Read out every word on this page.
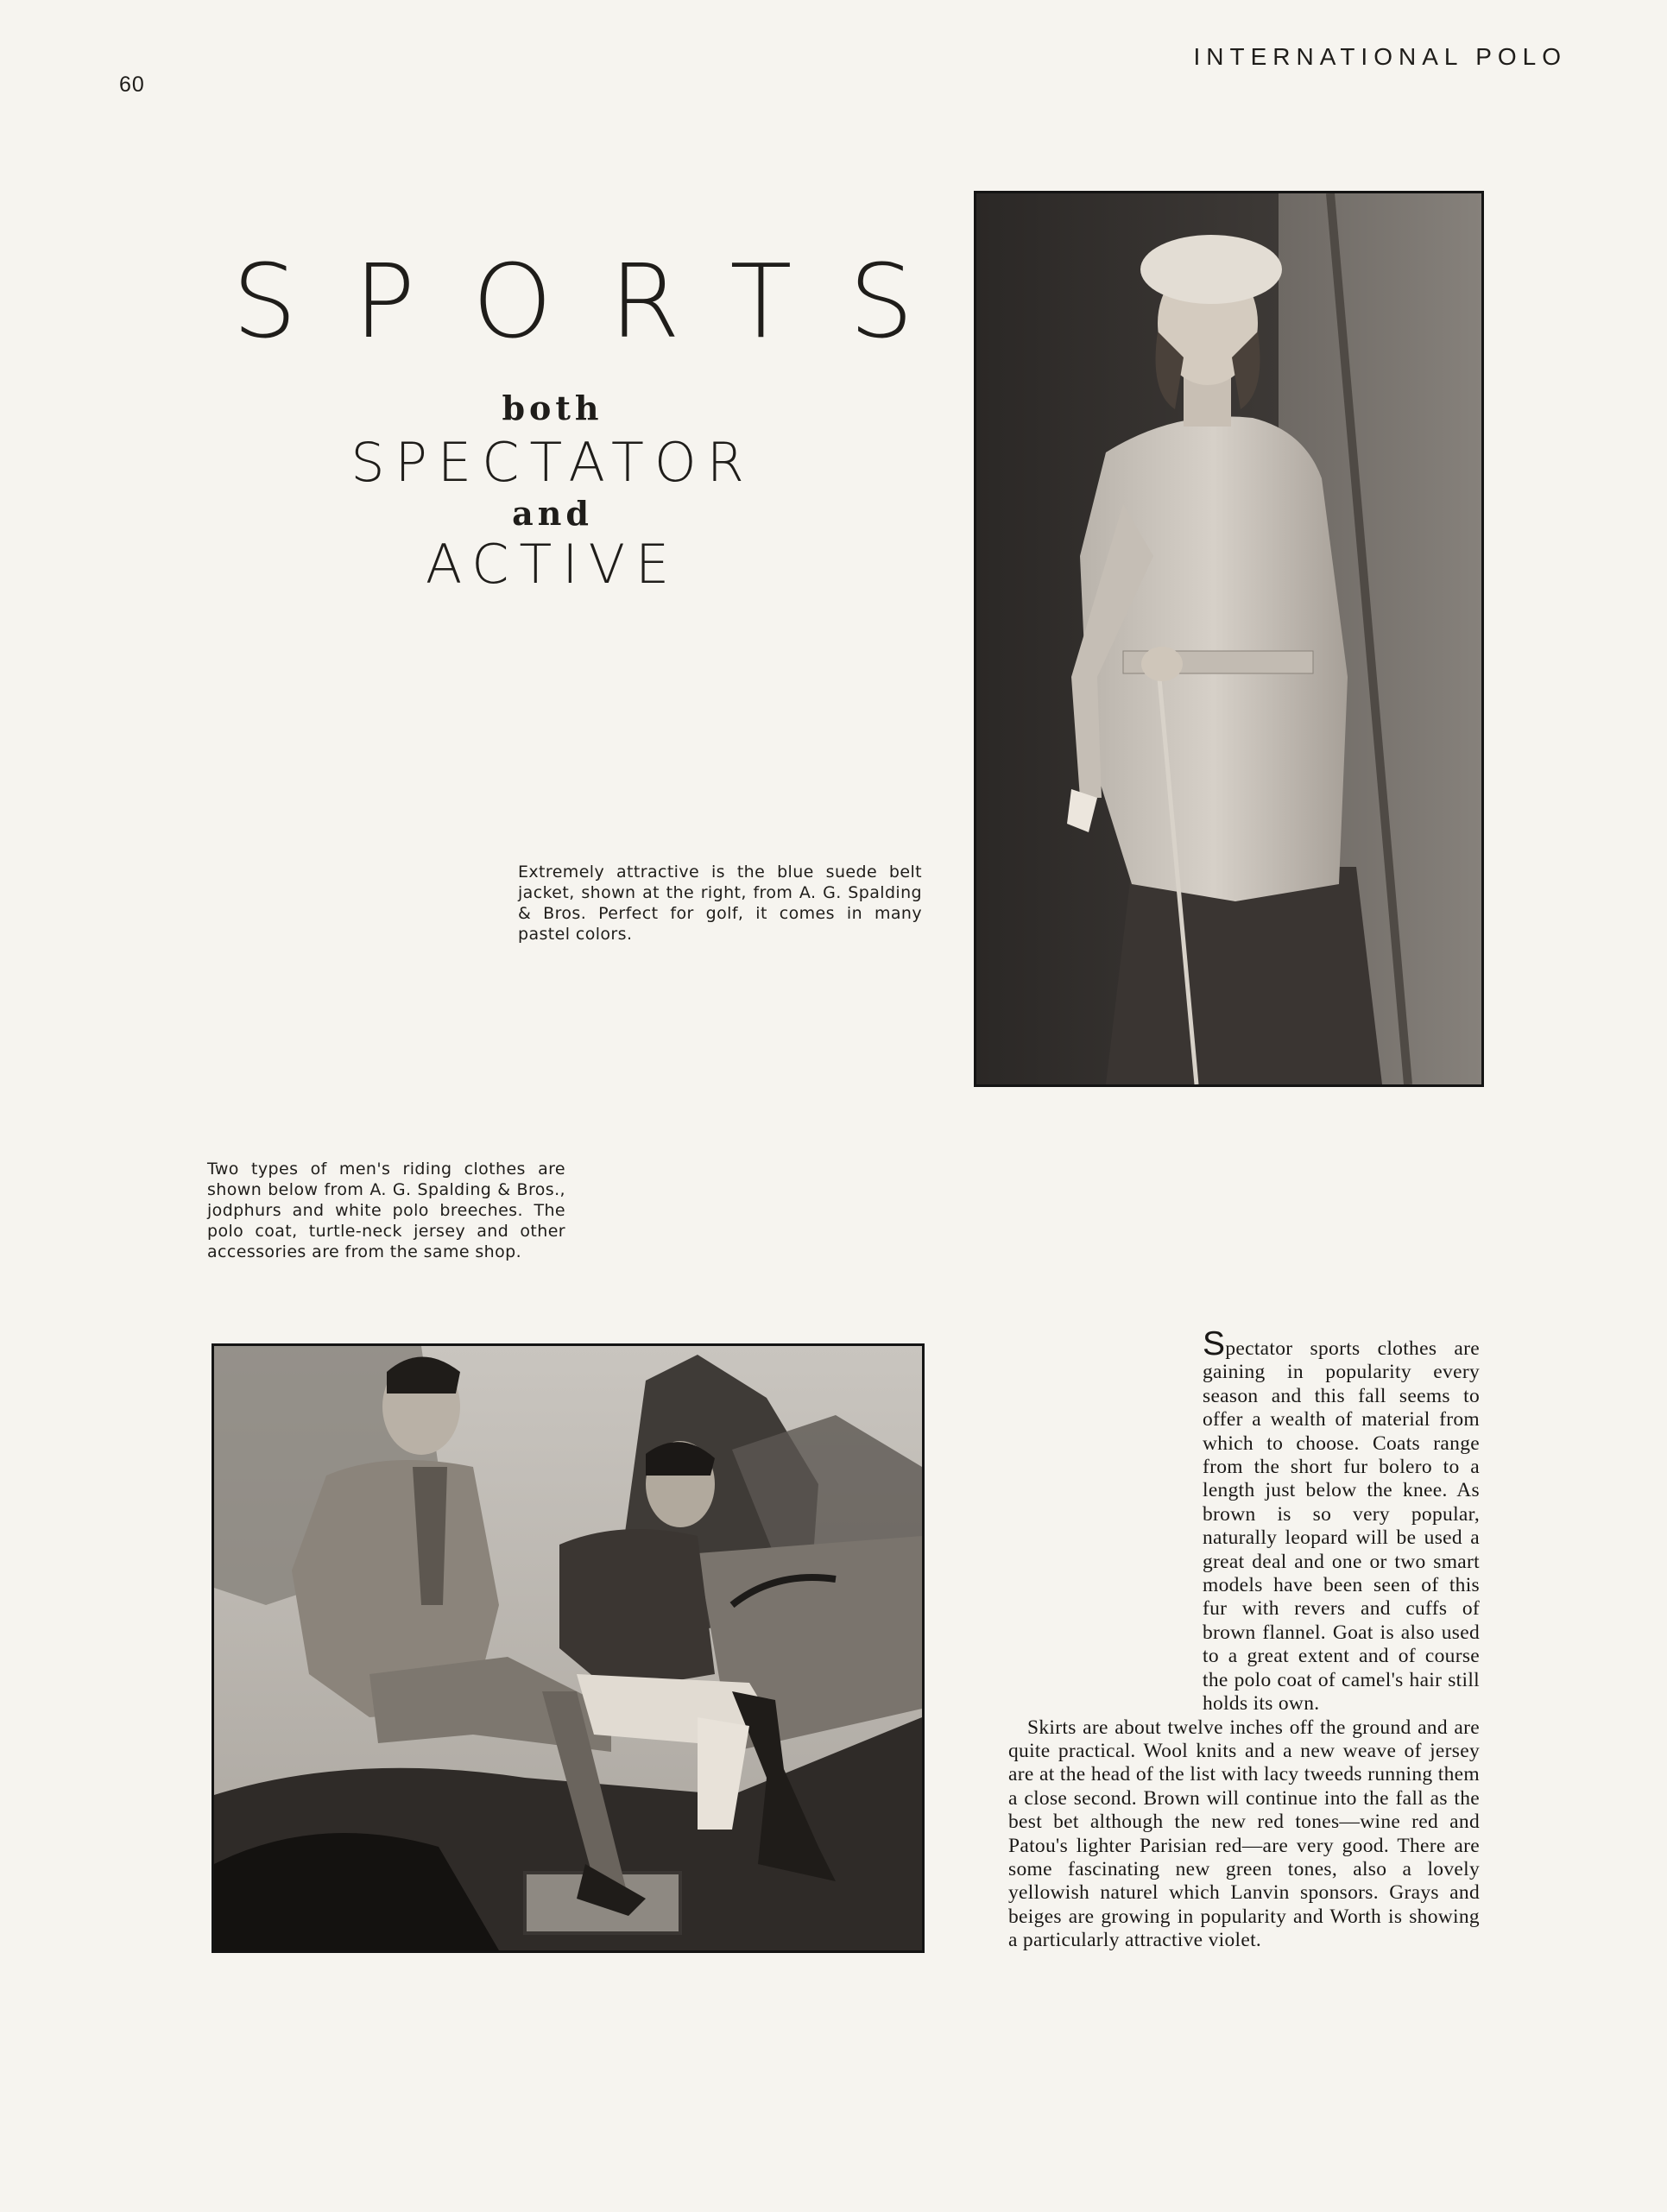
60
INTERNATIONAL POLO
SPORTS
both
SPECTATOR
and
ACTIVE
Extremely attractive is the blue suede belt jacket, shown at the right, from A. G. Spalding & Bros. Perfect for golf, it comes in many pastel colors.
Two types of men's riding clothes are shown below from A. G. Spalding & Bros., jodphurs and white polo breeches. The polo coat, turtle-neck jersey and other accessories are from the same shop.

Spectator sports clothes are gaining in popularity every season and this fall seems to offer a wealth of material from which to choose. Coats range from the short fur bolero to a length just below the knee. As brown is so very popular, naturally leopard will be used a great deal and one or two smart models have been seen of this fur with revers and cuffs of brown flannel. Goat is also used to a great extent and of course the polo coat of camel's hair still holds its own.

Skirts are about twelve inches off the ground and are quite practical. Wool knits and a new weave of jersey are at the head of the list with lacy tweeds running them a close second. Brown will continue into the fall as the best bet although the new red tones—wine red and Patou's lighter Parisian red—are very good. There are some fascinating new green tones, also a lovely yellowish naturel which Lanvin sponsors. Grays and beiges are growing in popularity and Worth is showing a particularly attractive violet.
